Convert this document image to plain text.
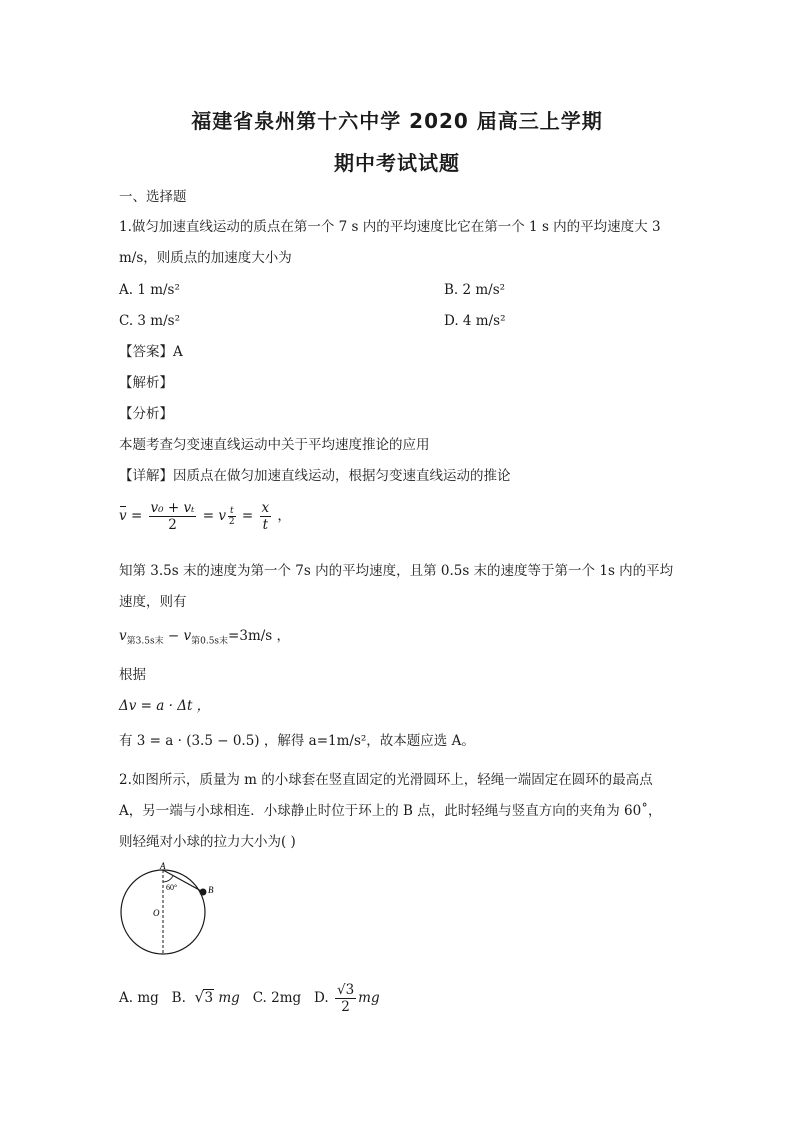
福建省泉州第十六中学 2020 届高三上学期
期中考试试题
一、选择题
1.做匀加速直线运动的质点在第一个 7 s 内的平均速度比它在第一个 1 s 内的平均速度大 3
m/s，则质点的加速度大小为
A. 1 m/s²	B. 2 m/s²
C. 3 m/s²	D. 4 m/s²
【答案】A
【解析】
【分析】
本题考查匀变速直线运动中关于平均速度推论的应用
【详解】因质点在做匀加速直线运动，根据匀变速直线运动的推论
$v = \frac{\text{v₀ + vₜ}}{2} = v \frac{t}{2} = \frac{x}{t}$ ，
知第 3.5s 末的速度为第一个 7s 内的平均速度，且第 0.5s 末的速度等于第一个 1s 内的平均
速度，则有
$v_{第3.5s末} - v_{第0.5s末}=3m/s$ ，
根据
Δv = a · Δt ，
有 3 = a · (3.5 − 0.5) ，解得 a=1m/s²，故本题应选 A。
2.如图所示，质量为 m 的小球套在竖直固定的光滑圆环上，轻绳一端固定在圆环的最高点
A，另一端与小球相连．小球静止时位于环上的 B 点，此时轻绳与竖直方向的夹角为 60˚，
则轻绳对小球的拉力大小为( )
A
B
O
60°
A. mg B.  √ 3 mg C. 2mg D. $\frac{√3}{2}$ mg
